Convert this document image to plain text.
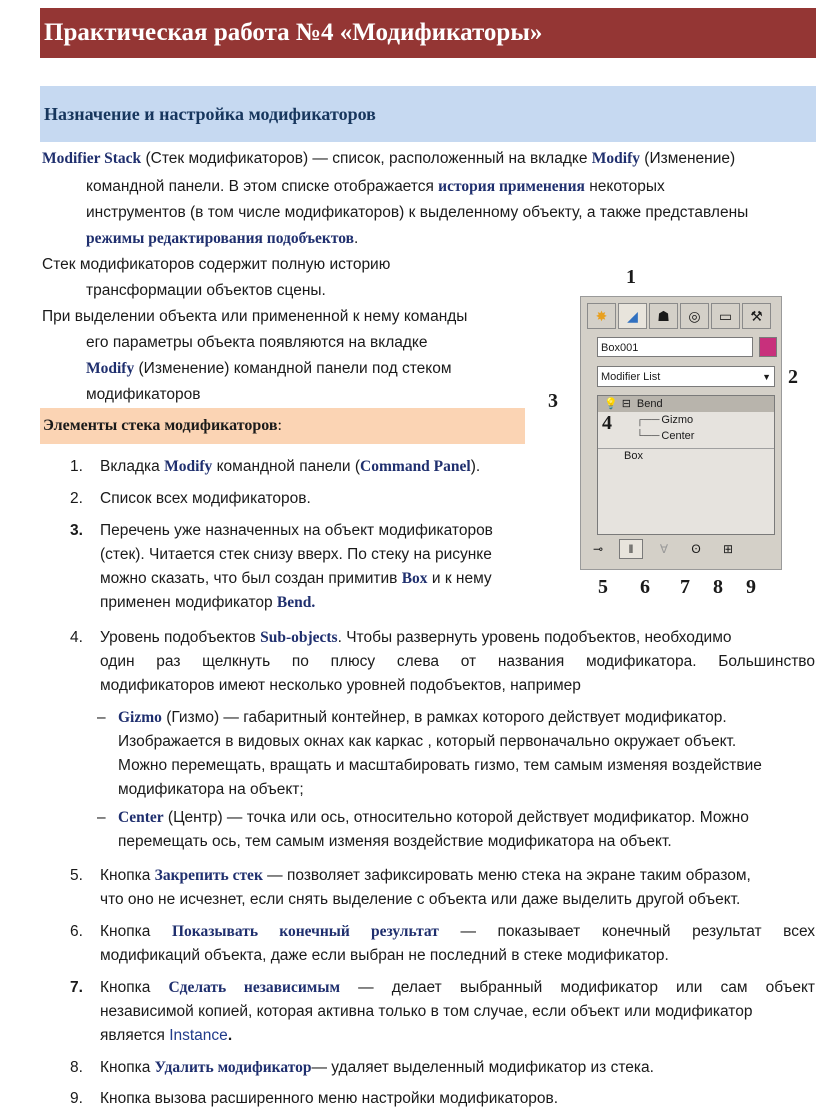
Практическая работа №4 «Модификаторы»
Назначение и настройка модификаторов
Modifier Stack (Стек модификаторов) — список, расположенный на вкладке Modify (Изменение)
командной панели. В этом списке отображается история применения некоторых
инструментов (в том числе модификаторов) к выделенному объекту, а также представлены
режимы редактирования подобъектов.
Стек модификаторов содержит полную историю
трансформации объектов сцены.
При выделении объекта или примененной к нему команды
его параметры объекта появляются на вкладке
Modify (Изменение) командной панели под стеком
модификаторов
Элементы стека модификаторов:
1. Вкладка Modify командной панели (Command Panel).
2. Список всех модификаторов.
3. Перечень уже назначенных на объект модификаторов
(стек). Читается стек снизу вверх. По стеку на рисунке
можно сказать, что был создан примитив Box и к нему
применен модификатор Bend.
4. Уровень подобъектов Sub-objects. Чтобы развернуть уровень подобъектов, необходимо
один раз щелкнуть по плюсу слева от названия модификатора. Большинство
модификаторов имеют несколько уровней подобъектов, например
– Gizmo (Гизмо) — габаритный контейнер, в рамках которого действует модификатор.
Изображается в видовых окнах как каркас , который первоначально окружает объект.
Можно перемещать, вращать и масштабировать гизмо, тем самым изменяя воздействие
модификатора на объект;
– Center (Центр) — точка или ось, относительно которой действует модификатор. Можно
перемещать ось, тем самым изменяя воздействие модификатора на объект.
5. Кнопка Закрепить стек — позволяет зафиксировать меню стека на экране таким образом,
что оно не исчезнет, если снять выделение с объекта или даже выделить другой объект.
6. Кнопка Показывать конечный результат — показывает конечный результат всех
модификаций объекта, даже если выбран не последний в стеке модификатор.
7. Кнопка Сделать независимым — делает выбранный модификатор или сам объект
независимой копией, которая активна только в том случае, если объект или модификатор
является Instance.
8. Кнопка Удалить модификатор— удаляет выделенный модификатор из стека.
9. Кнопка вызова расширенного меню настройки модификаторов.
1
2
3
5 6 7 8 9
✸	◢	☗	◎	▭	⚒
Box001
Modifier List	▼
💡 ⊟ Bend
┌── Gizmo
└── Center
Box
4
⊸	‖	∀	ʘ	⊞
